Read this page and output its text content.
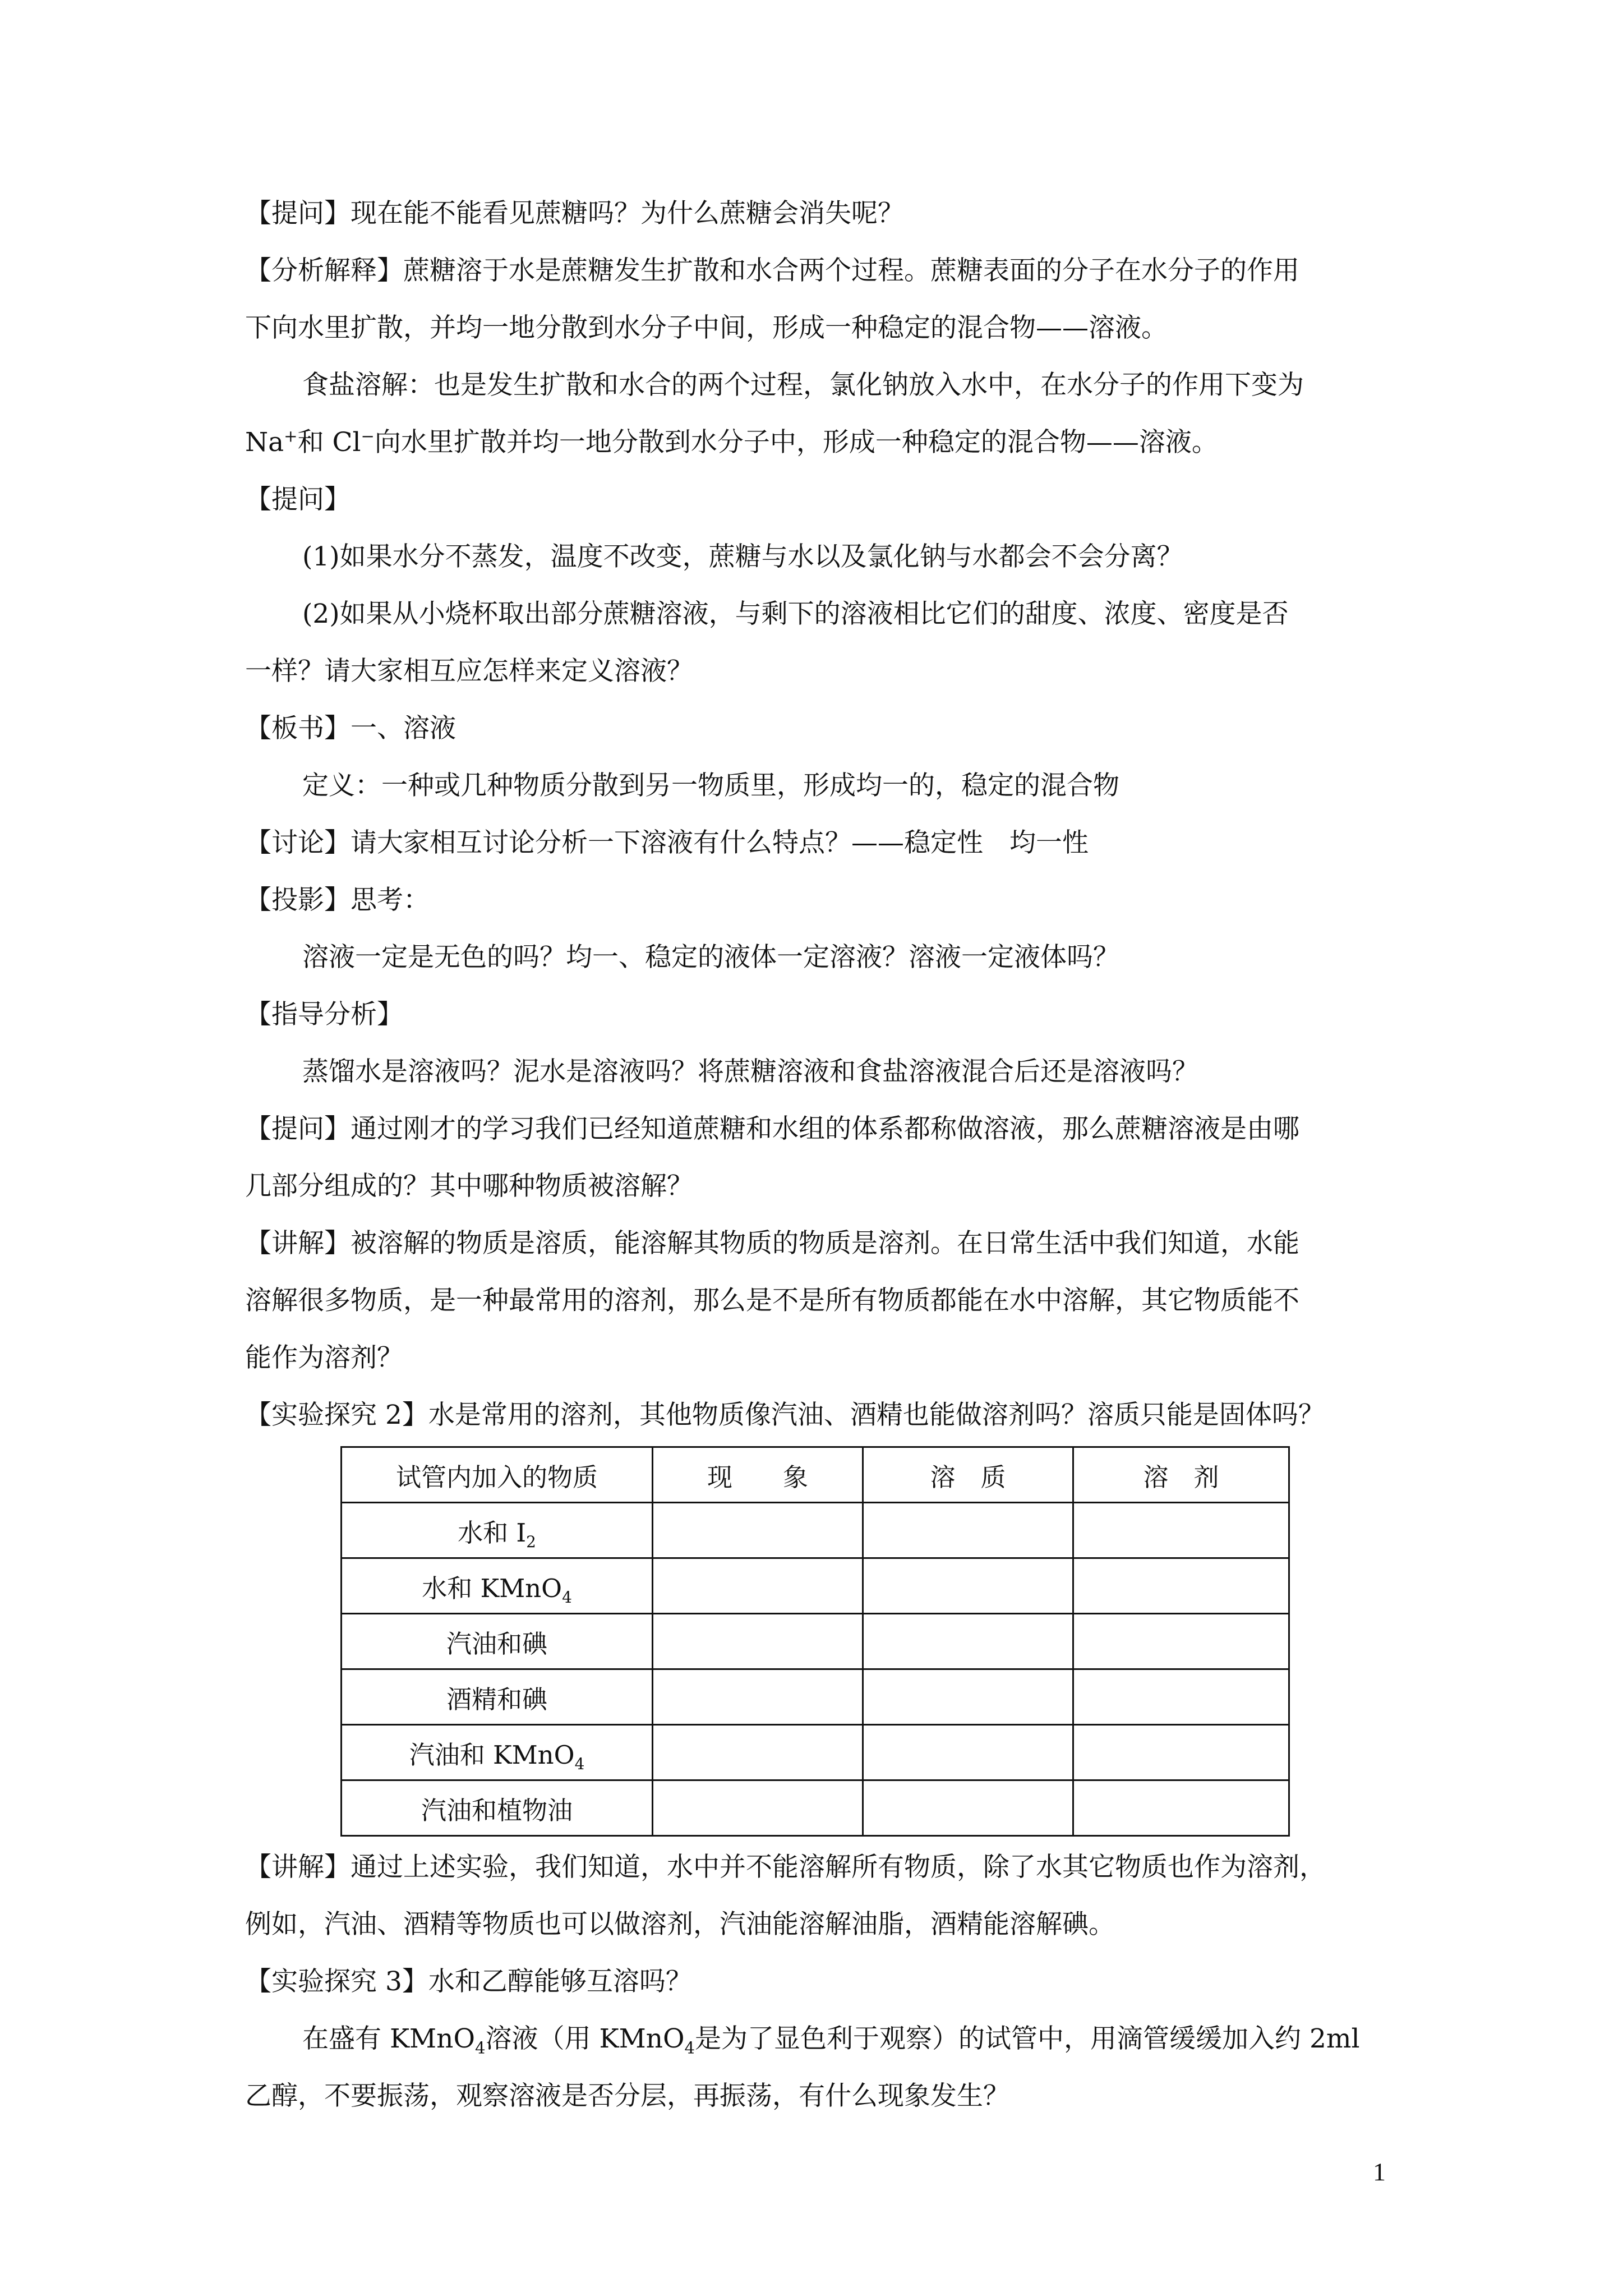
【提问】现在能不能看见蔗糖吗？为什么蔗糖会消失呢？

【分析解释】蔗糖溶于水是蔗糖发生扩散和水合两个过程。蔗糖表面的分子在水分子的作用

下向水里扩散，并均一地分散到水分子中间，形成一种稳定的混合物——溶液。

食盐溶解：也是发生扩散和水合的两个过程，氯化钠放入水中，在水分子的作用下变为

Na+和 Cl−向水里扩散并均一地分散到水分子中，形成一种稳定的混合物——溶液。

【提问】

(1)如果水分不蒸发，温度不改变，蔗糖与水以及氯化钠与水都会不会分离？

(2)如果从小烧杯取出部分蔗糖溶液，与剩下的溶液相比它们的甜度、浓度、密度是否

一样？请大家相互应怎样来定义溶液？

【板书】一、溶液

定义：一种或几种物质分散到另一物质里，形成均一的，稳定的混合物

【讨论】请大家相互讨论分析一下溶液有什么特点？——稳定性　均一性

【投影】思考：

溶液一定是无色的吗？均一、稳定的液体一定溶液？溶液一定液体吗？

【指导分析】

蒸馏水是溶液吗？泥水是溶液吗？将蔗糖溶液和食盐溶液混合后还是溶液吗？

【提问】通过刚才的学习我们已经知道蔗糖和水组的体系都称做溶液，那么蔗糖溶液是由哪

几部分组成的？其中哪种物质被溶解？

【讲解】被溶解的物质是溶质，能溶解其物质的物质是溶剂。在日常生活中我们知道，水能

溶解很多物质，是一种最常用的溶剂，那么是不是所有物质都能在水中溶解，其它物质能不

能作为溶剂？

【实验探究 2】水是常用的溶剂，其他物质像汽油、酒精也能做溶剂吗？溶质只能是固体吗？

试管内加入的物质	现　　象	溶　质	溶　剂
水和 $I_2$			
水和 KMnO$_4$			
汽油和碘			
酒精和碘			
汽油和 KMnO$_4$			
汽油和植物油			

【讲解】通过上述实验，我们知道，水中并不能溶解所有物质，除了水其它物质也作为溶剂，

例如，汽油、酒精等物质也可以做溶剂，汽油能溶解油脂，酒精能溶解碘。

【实验探究 3】水和乙醇能够互溶吗？

在盛有 KMnO$_4$溶液（用 KMnO$_4$是为了显色利于观察）的试管中，用滴管缓缓加入约 2ml

乙醇，不要振荡，观察溶液是否分层，再振荡，有什么现象发生？

1
